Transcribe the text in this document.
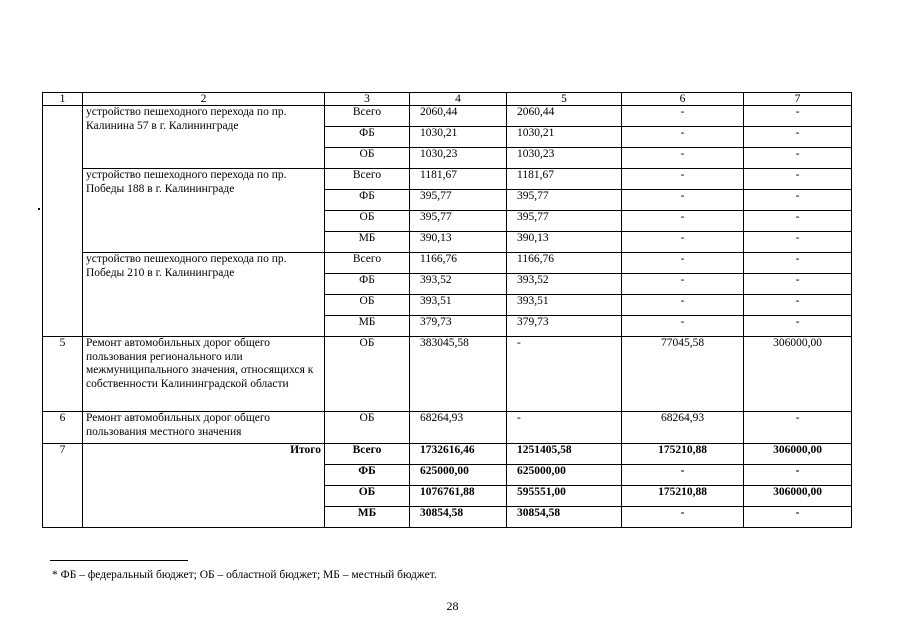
1	2	3	4	5	6	7
	устройство пешеходного перехода по пр. Калинина 57 в г. Калининграде	Всего	2060,44	2060,44	-	-
		ФБ	1030,21	1030,21	-	-
		ОБ	1030,23	1030,23	-	-
	устройство пешеходного перехода по пр. Победы 188 в г. Калининграде	Всего	1181,67	1181,67	-	-
		ФБ	395,77	395,77	-	-
		ОБ	395,77	395,77	-	-
		МБ	390,13	390,13	-	-
	устройство пешеходного перехода по пр. Победы 210 в г. Калининграде	Всего	1166,76	1166,76	-	-
		ФБ	393,52	393,52	-	-
		ОБ	393,51	393,51	-	-
		МБ	379,73	379,73	-	-
5	Ремонт автомобильных дорог общего пользования регионального или межмуниципального значения, относящихся к собственности Калининградской области	ОБ	383045,58	-	77045,58	306000,00
6	Ремонт автомобильных дорог общего пользования местного значения	ОБ	68264,93	-	68264,93	-
7	Итого	Всего	1732616,46	1251405,58	175210,88	306000,00
		ФБ	625000,00	625000,00	-	-
		ОБ	1076761,88	595551,00	175210,88	306000,00
		МБ	30854,58	30854,58	-	-
* ФБ – федеральный бюджет; ОБ – областной бюджет; МБ – местный бюджет.
28
